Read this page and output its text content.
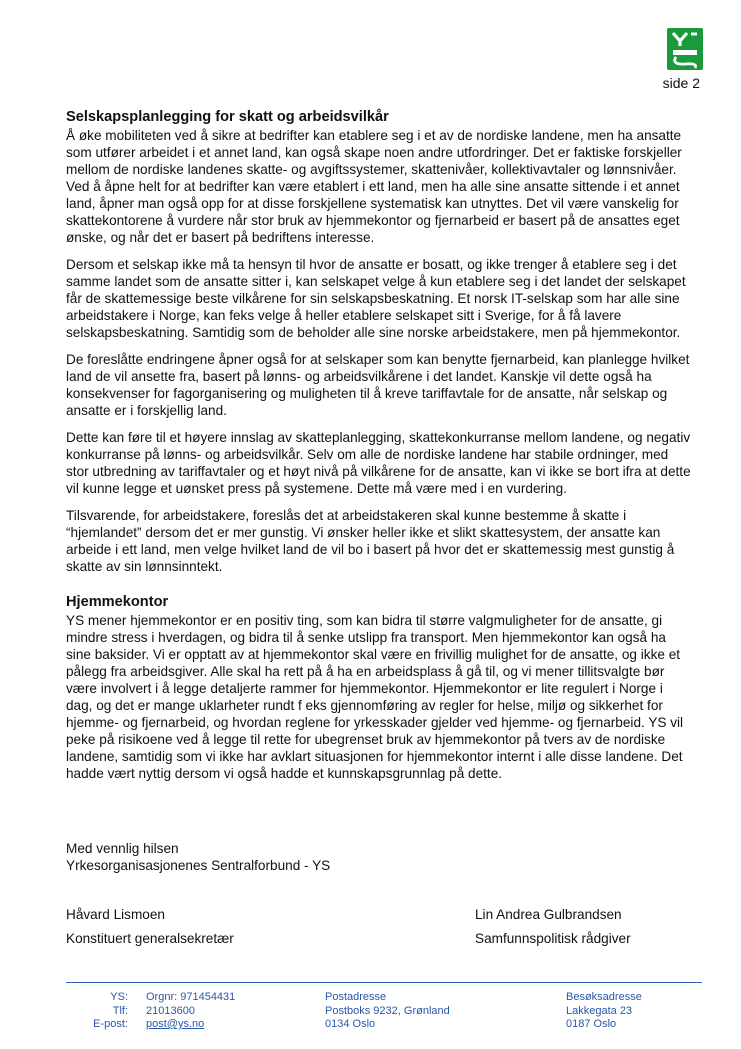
side 2
Selskapsplanlegging for skatt og arbeidsvilkår

Å øke mobiliteten ved å sikre at bedrifter kan etablere seg i et av de nordiske landene, men ha ansatte som utfører arbeidet i et annet land, kan også skape noen andre utfordringer. Det er faktiske forskjeller mellom de nordiske landenes skatte- og avgiftssystemer, skattenivåer, kollektivavtaler og lønnsnivåer. Ved å åpne helt for at bedrifter kan være etablert i ett land, men ha alle sine ansatte sittende i et annet land, åpner man også opp for at disse forskjellene systematisk kan utnyttes. Det vil være vanskelig for skattekontorene å vurdere når stor bruk av hjemmekontor og fjernarbeid er basert på de ansattes eget ønske, og når det er basert på bedriftens interesse.

Dersom et selskap ikke må ta hensyn til hvor de ansatte er bosatt, og ikke trenger å etablere seg i det samme landet som de ansatte sitter i, kan selskapet velge å kun etablere seg i det landet der selskapet får de skattemessige beste vilkårene for sin selskapsbeskatning. Et norsk IT-selskap som har alle sine arbeidstakere i Norge, kan feks velge å heller etablere selskapet sitt i Sverige, for å få lavere selskapsbeskatning. Samtidig som de beholder alle sine norske arbeidstakere, men på hjemmekontor.

De foreslåtte endringene åpner også for at selskaper som kan benytte fjernarbeid, kan planlegge hvilket land de vil ansette fra, basert på lønns- og arbeidsvilkårene i det landet. Kanskje vil dette også ha konsekvenser for fagorganisering og muligheten til å kreve tariffavtale for de ansatte, når selskap og ansatte er i forskjellig land.

Dette kan føre til et høyere innslag av skatteplanlegging, skattekonkurranse mellom landene, og negativ konkurranse på lønns- og arbeidsvilkår. Selv om alle de nordiske landene har stabile ordninger, med stor utbredning av tariffavtaler og et høyt nivå på vilkårene for de ansatte, kan vi ikke se bort ifra at dette vil kunne legge et uønsket press på systemene. Dette må være med i en vurdering.

Tilsvarende, for arbeidstakere, foreslås det at arbeidstakeren skal kunne bestemme å skatte i “hjemlandet” dersom det er mer gunstig. Vi ønsker heller ikke et slikt skattesystem, der ansatte kan arbeide i ett land, men velge hvilket land de vil bo i basert på hvor det er skattemessig mest gunstig å skatte av sin lønnsinntekt.

Hjemmekontor

YS mener hjemmekontor er en positiv ting, som kan bidra til større valgmuligheter for de ansatte, gi mindre stress i hverdagen, og bidra til å senke utslipp fra transport. Men hjemmekontor kan også ha sine baksider. Vi er opptatt av at hjemmekontor skal være en frivillig mulighet for de ansatte, og ikke et pålegg fra arbeidsgiver. Alle skal ha rett på å ha en arbeidsplass å gå til, og vi mener tillitsvalgte bør være involvert i å legge detaljerte rammer for hjemmekontor. Hjemmekontor er lite regulert i Norge i dag, og det er mange uklarheter rundt f eks gjennomføring av regler for helse, miljø og sikkerhet for hjemme- og fjernarbeid, og hvordan reglene for yrkesskader gjelder ved hjemme- og fjernarbeid. YS vil peke på risikoene ved å legge til rette for ubegrenset bruk av hjemmekontor på tvers av de nordiske landene, samtidig som vi ikke har avklart situasjonen for hjemmekontor internt i alle disse landene. Det hadde vært nyttig dersom vi også hadde et kunnskapsgrunnlag på dette.

Med vennlig hilsen
Yrkesorganisasjonenes Sentralforbund - YS
Håvard Lismoen
Konstituert generalsekretær
Lin Andrea Gulbrandsen
Samfunnspolitisk rådgiver
YS:
Tlf:
E-post:
Orgnr: 971454431
21013600
post@ys.no
Postadresse
Postboks 9232, Grønland
0134 Oslo
Besøksadresse
Lakkegata 23
0187 Oslo
